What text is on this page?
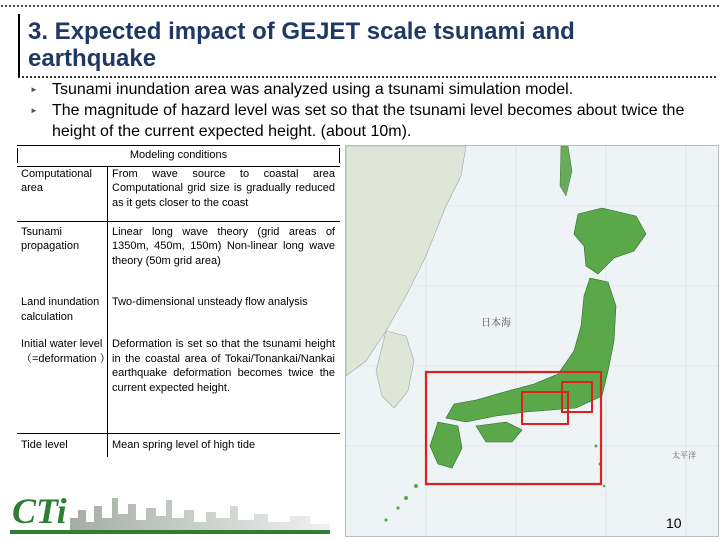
3. Expected impact of GEJET scale tsunami and earthquake
► Tsunami inundation area was analyzed using a tsunami simulation model.
► The magnitude of hazard level was set so that the tsunami level becomes about twice the height of the current expected height. (about 10m).
Modeling conditions	

Computational area	From wave source to coastal area Computational grid size is gradually reduced as it gets closer to the coast
Tsunami propagation	Linear long wave theory (grid areas of 1350m, 450m, 150m) Non-linear long wave theory (50m grid area)
Land inundation calculation	Two-dimensional unsteady flow analysis
Initial water level （=deformation ）	Deformation is set so that the tsunami height in the coastal area of Tokai/Tonankai/Nankai earthquake deformation becomes twice the current expected height.
Tide level	Mean spring level of high tide
日本海
太平洋
CTi	10
